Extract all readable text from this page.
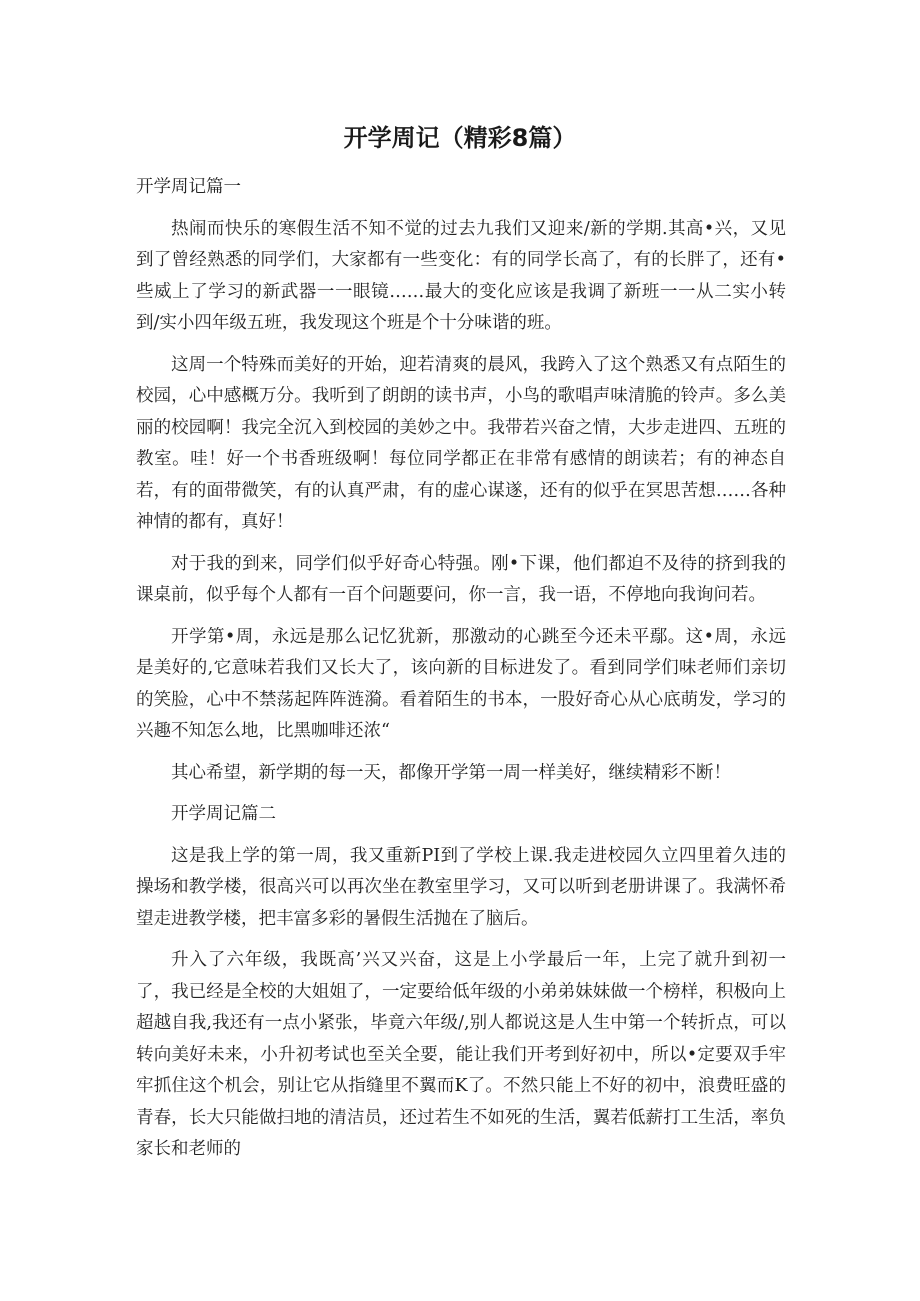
开学周记（精彩8篇）

开学周记篇一

热闹而快乐的寒假生活不知不觉的过去九我们又迎来/新的学期.其高•兴，又见到了曾经熟悉的同学们，大家都有一些变化：有的同学长高了，有的长胖了，还有•些威上了学习的新武器一一眼镜……最大的变化应该是我调了新班一一从二实小转到/实小四年级五班，我发现这个班是个十分味谐的班。

这周一个特殊而美好的开始，迎若清爽的晨风，我跨入了这个熟悉又有点陌生的校园，心中感概万分。我听到了朗朗的读书声，小鸟的歌唱声味清脆的铃声。多么美丽的校园啊！我完全沉入到校园的美妙之中。我带若兴奋之情，大步走进四、五班的教室。哇！好一个书香班级啊！每位同学都正在非常有感情的朗读若；有的神态自若，有的面带微笑，有的认真严肃，有的虚心谋遂，还有的似乎在冥思苦想……各种神情的都有，真好！

对于我的到来，同学们似乎好奇心特强。刚•下课，他们都迫不及待的挤到我的课桌前，似乎每个人都有一百个问题要问，你一言，我一语，不停地向我询问若。

开学第•周，永远是那么记忆犹新，那激动的心跳至今还未平鄢。这•周，永远是美好的,它意味若我们又长大了，该向新的目标进发了。看到同学们味老师们亲切的笑脸，心中不禁荡起阵阵涟漪。看着陌生的书本，一股好奇心从心底萌发，学习的兴趣不知怎么地，比黑咖啡还浓“

其心希望，新学期的每一天，都像开学第一周一样美好，继续精彩不断！

开学周记篇二

这是我上学的第一周，我又重新PI到了学校上课.我走进校园久立四里着久违的操场和教学楼，很高兴可以再次坐在教室里学习，又可以听到老册讲课了。我满怀希望走进教学楼，把丰富多彩的暑假生活抛在了脑后。

升入了六年级，我既高’兴又兴奋，这是上小学最后一年，上完了就升到初一了，我已经是全校的大姐姐了，一定要给低年级的小弟弟妹妹做一个榜样，积极向上超越自我,我还有一点小紧张，毕竟六年级/,别人都说这是人生中第一个转折点，可以转向美好未来，小升初考试也至关全要，能让我们开考到好初中，所以•定要双手牢牢抓住这个机会，别让它从指缝里不翼而K了。不然只能上不好的初中，浪费旺盛的青春，长大只能做扫地的清洁员，还过若生不如死的生活，翼若低薪打工生活，率负家长和老师的
